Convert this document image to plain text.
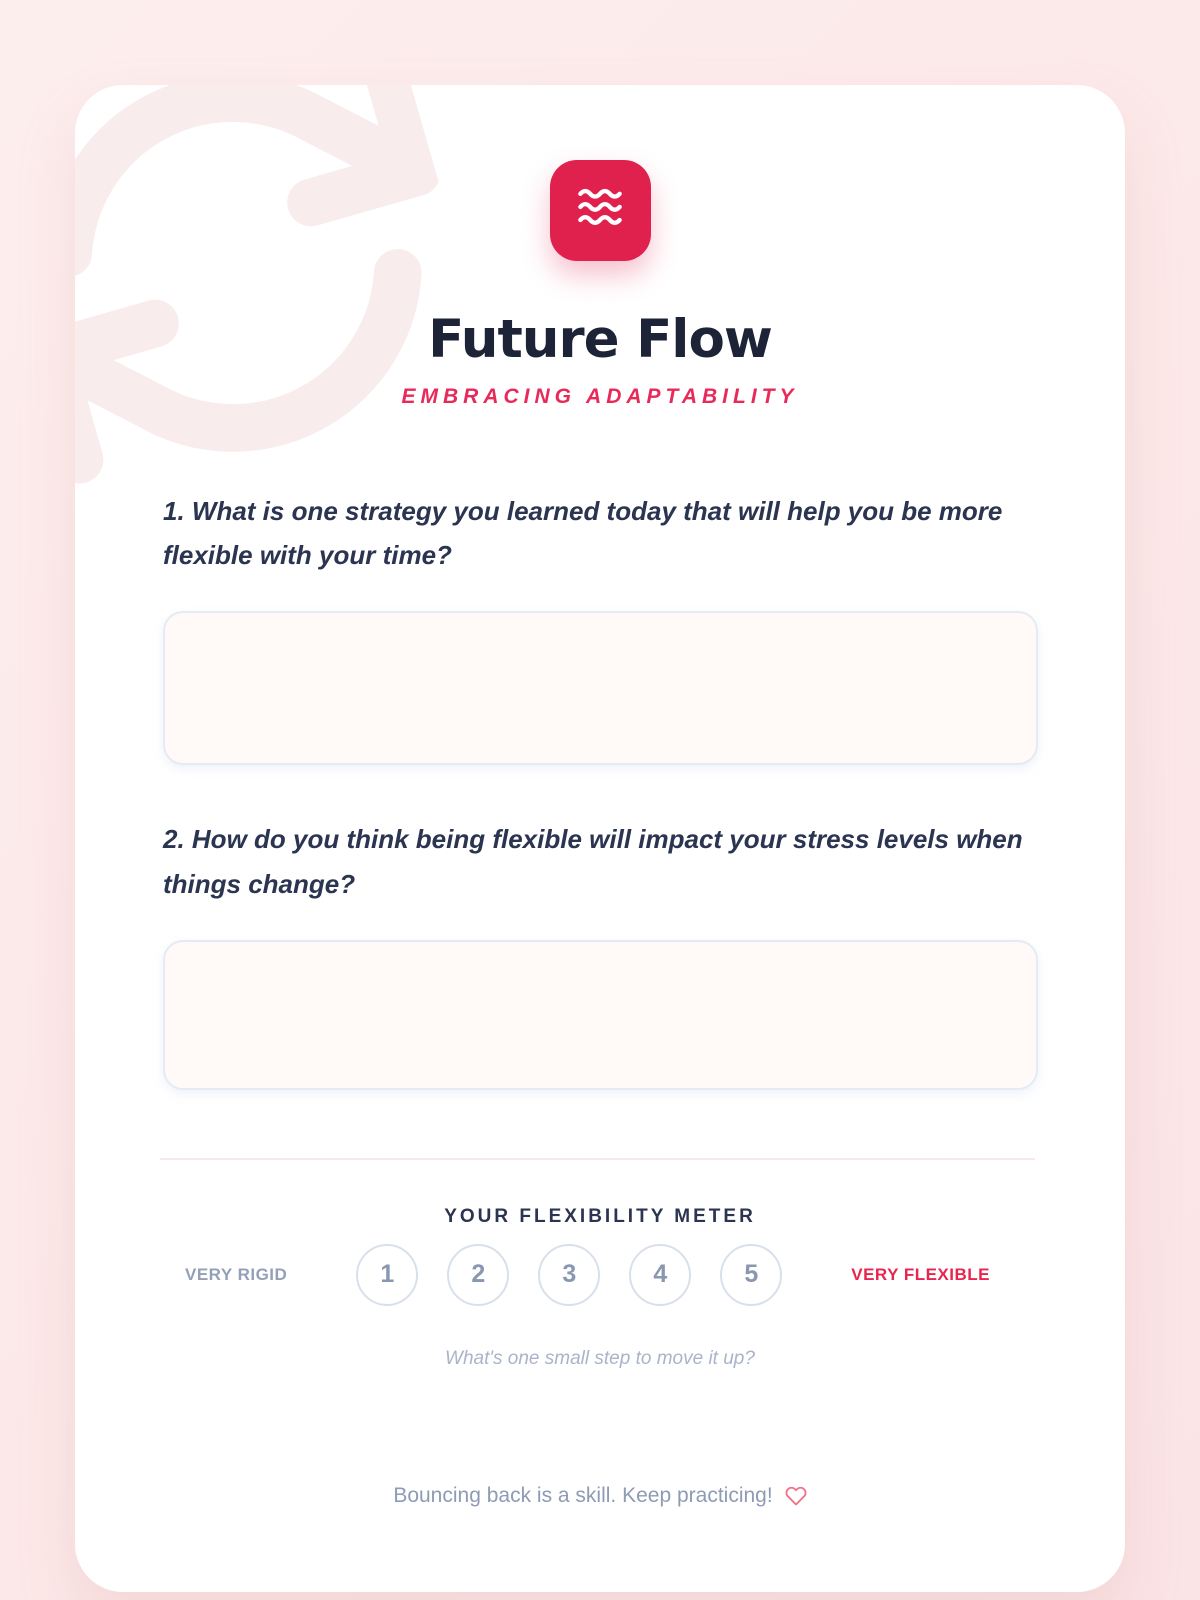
Future Flow
EMBRACING ADAPTABILITY

1. What is one strategy you learned today that will help you be more flexible with your time?

2. How do you think being flexible will impact your stress levels when things change?

YOUR FLEXIBILITY METER
VERY RIGID	1	2	3	4	5	VERY FLEXIBLE
What's one small step to move it up?
Bouncing back is a skill. Keep practicing!
